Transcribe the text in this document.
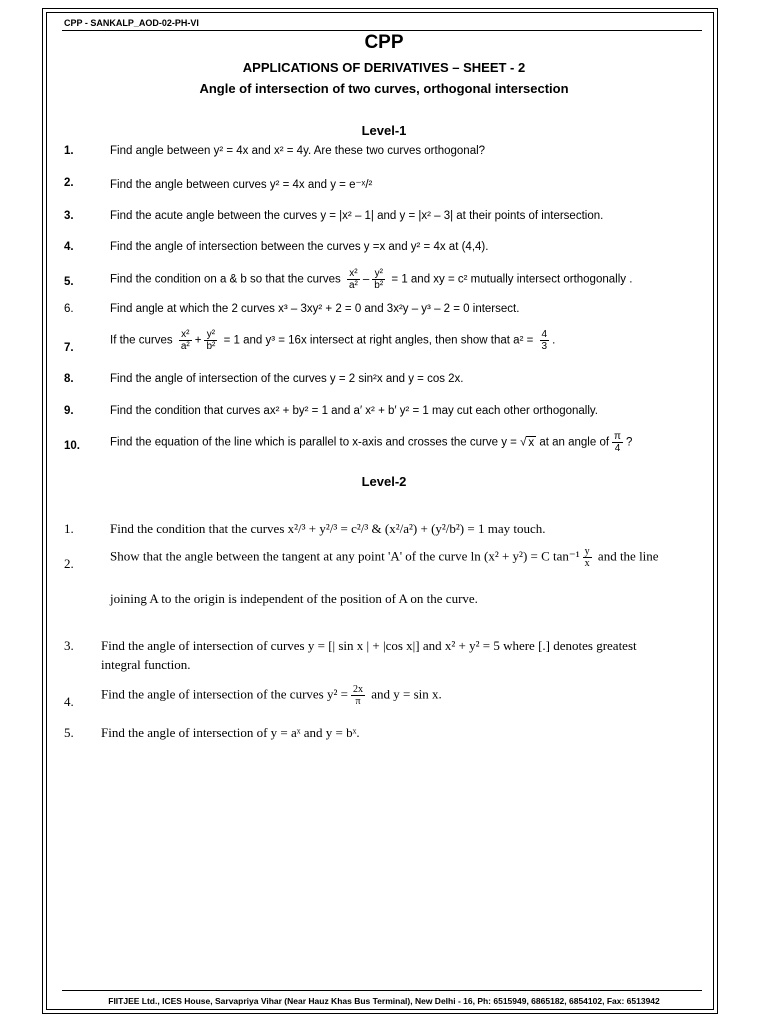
CPP - SANKALP_AOD-02-PH-VI
CPP
APPLICATIONS OF DERIVATIVES – SHEET - 2
Angle of intersection of two curves, orthogonal intersection
Level-1
1.	Find angle between y² = 4x and x² = 4y. Are these two curves orthogonal?
2.	Find the angle between curves y² = 4x and y = e⁻ˣ/²
3.	Find the acute angle between the curves y = |x² – 1| and y = |x² – 3| at their points of intersection.
4.	Find the angle of intersection between the curves y =x and y² = 4x at (4,4).
5.	Find the condition on a & b so that the curves $\frac{\text{x²}}{\text{a²}} - \frac{\text{y²}}{\text{b²}} = 1$ and xy = c² mutually intersect orthogonally .
6.	Find angle at which the 2 curves x³ – 3xy² + 2 = 0 and 3x²y – y³ – 2 = 0 intersect.
7.
If the curves $\frac{\text{x²}}{\text{a²}} + \frac{\text{y²}}{\text{b²}} = 1$ and y³ = 16x intersect at right angles, then show that $a^2 = \frac{4}{3}$ .
8.	Find the angle of intersection of the curves y = 2 sin²x and y = cos 2x.
9.	Find the condition that curves ax² + by² = 1 and a′ x² + b′ y² = 1 may cut each other orthogonally.
10.	Find the equation of the line which is parallel to x-axis and crosses the curve y = √ x at an angle of $\frac{\pi}{4}$ ?
Level-2
1.	Find the condition that the curves x²/³ + y²/³ = c²/³ & (x²/a²) + (y²/b²) = 1 may touch.
2.
Show that the angle between the tangent at any point 'A' of the curve ln (x² + y²) = C $\tan^{-1} \frac{y}{x}$ and the line
joining A to the origin is independent of the position of A on the curve.
3. Find the angle of intersection of curves y = [| sin x | + |cos x|] and x² + y² = 5 where [.] denotes greatest
integral function.
4.
Find the angle of intersection of the curves $y^2 = \frac{2x}{\pi}$ and y = sin x.
5. Find the angle of intersection of y = aˣ and y = bˣ.
FIITJEE Ltd., ICES House, Sarvapriya Vihar (Near Hauz Khas Bus Terminal), New Delhi - 16, Ph: 6515949, 6865182, 6854102, Fax: 6513942
